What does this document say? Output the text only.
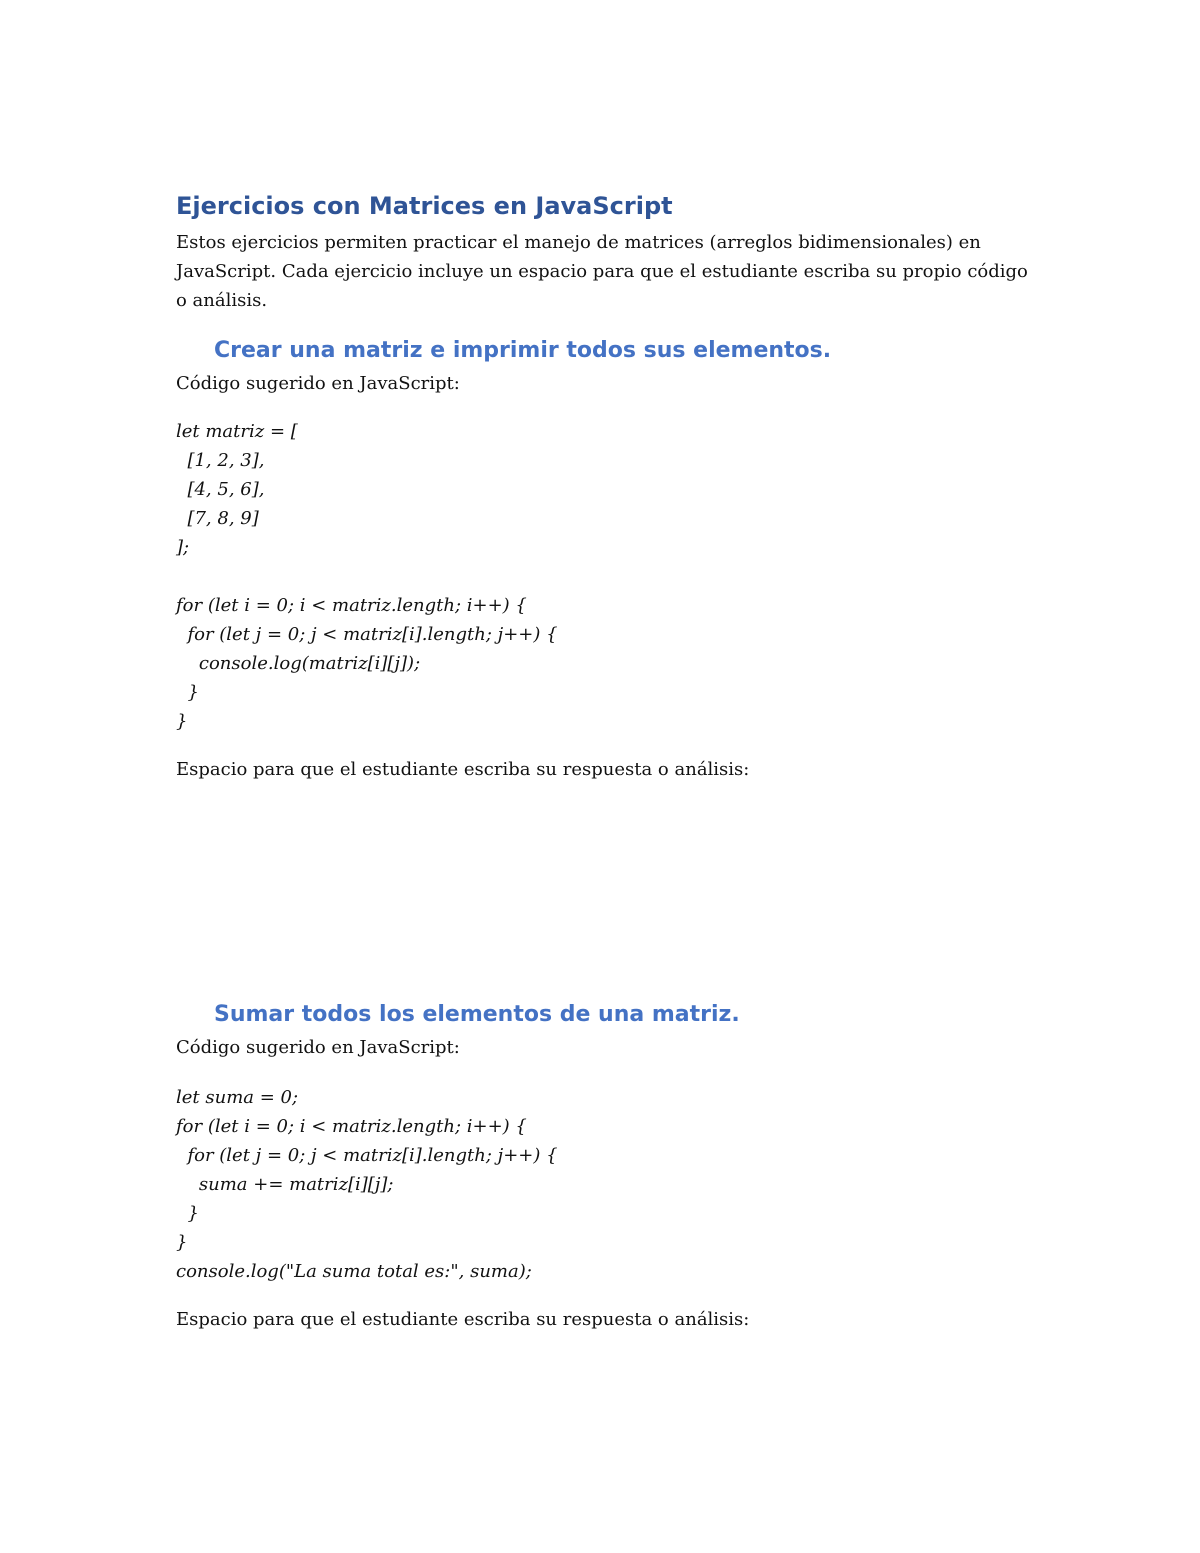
Ejercicios con Matrices en JavaScript

Estos ejercicios permiten practicar el manejo de matrices (arreglos bidimensionales) en JavaScript. Cada ejercicio incluye un espacio para que el estudiante escriba su propio código o análisis.

Crear una matriz e imprimir todos sus elementos.

Código sugerido en JavaScript:

let matriz = [
[1, 2, 3],
[4, 5, 6],
[7, 8, 9]
];

for (let i = 0; i < matriz.length; i++) {
for (let j = 0; j < matriz[i].length; j++) {
console.log(matriz[i][j]);
}
}

Espacio para que el estudiante escriba su respuesta o análisis:

Sumar todos los elementos de una matriz.

Código sugerido en JavaScript:

let suma = 0;
for (let i = 0; i < matriz.length; i++) {
for (let j = 0; j < matriz[i].length; j++) {
suma += matriz[i][j];
}
}
console.log("La suma total es:", suma);

Espacio para que el estudiante escriba su respuesta o análisis:
